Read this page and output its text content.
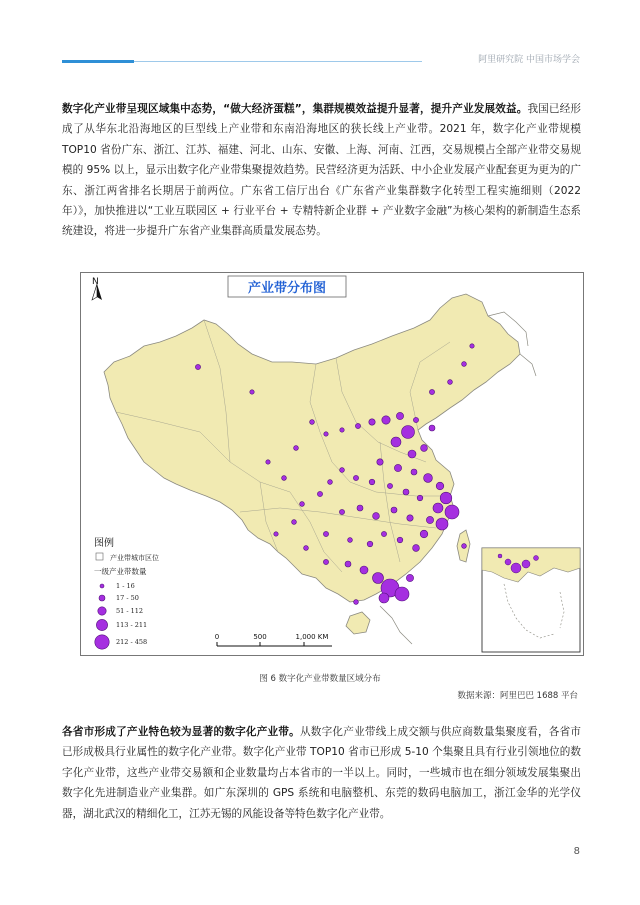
阿里研究院 中国市场学会

数字化产业带呈现区域集中态势，“做大经济蛋糕”，集群规模效益提升显著，提升产业发展效益。我国已经形成了从华东北沿海地区的巨型线上产业带和东南沿海地区的狭长线上产业带。2021 年，数字化产业带规模 TOP10 省份广东、浙江、江苏、福建、河北、山东、安徽、上海、河南、江西，交易规模占全部产业带交易规模的 95% 以上，显示出数字化产业带集聚提效趋势。民营经济更为活跃、中小企业发展产业配套更为更为的广东、浙江两省排名长期居于前两位。广东省工信厅出台《广东省产业集群数字化转型工程实施细则（2022 年）》，加快推进以“工业互联园区 + 行业平台 + 专精特新企业群 + 产业数字金融”为核心架构的新制造生态系统建设，将进一步提升广东省产业集群高质量发展态势。

产业带分布图
N
图例
产业带城市区位
一级产业带数量
1 - 16
17 - 50
51 - 112
113 - 211
212 - 458
0	500	1,000 KM
图 6 数字化产业带数量区域分布
数据来源：阿里巴巴 1688 平台

各省市形成了产业特色较为显著的数字化产业带。从数字化产业带线上成交额与供应商数量集聚度看，各省市已形成极具行业属性的数字化产业带。数字化产业带 TOP10 省市已形成 5-10 个集聚且具有行业引领地位的数字化产业带，这些产业带交易额和企业数量均占本省市的一半以上。同时，一些城市也在细分领域发展集聚出数字化先进制造业产业集群。如广东深圳的 GPS 系统和电脑整机、东莞的数码电脑加工，浙江金华的光学仪器，湖北武汉的精细化工，江苏无锡的风能设备等特色数字化产业带。

8
